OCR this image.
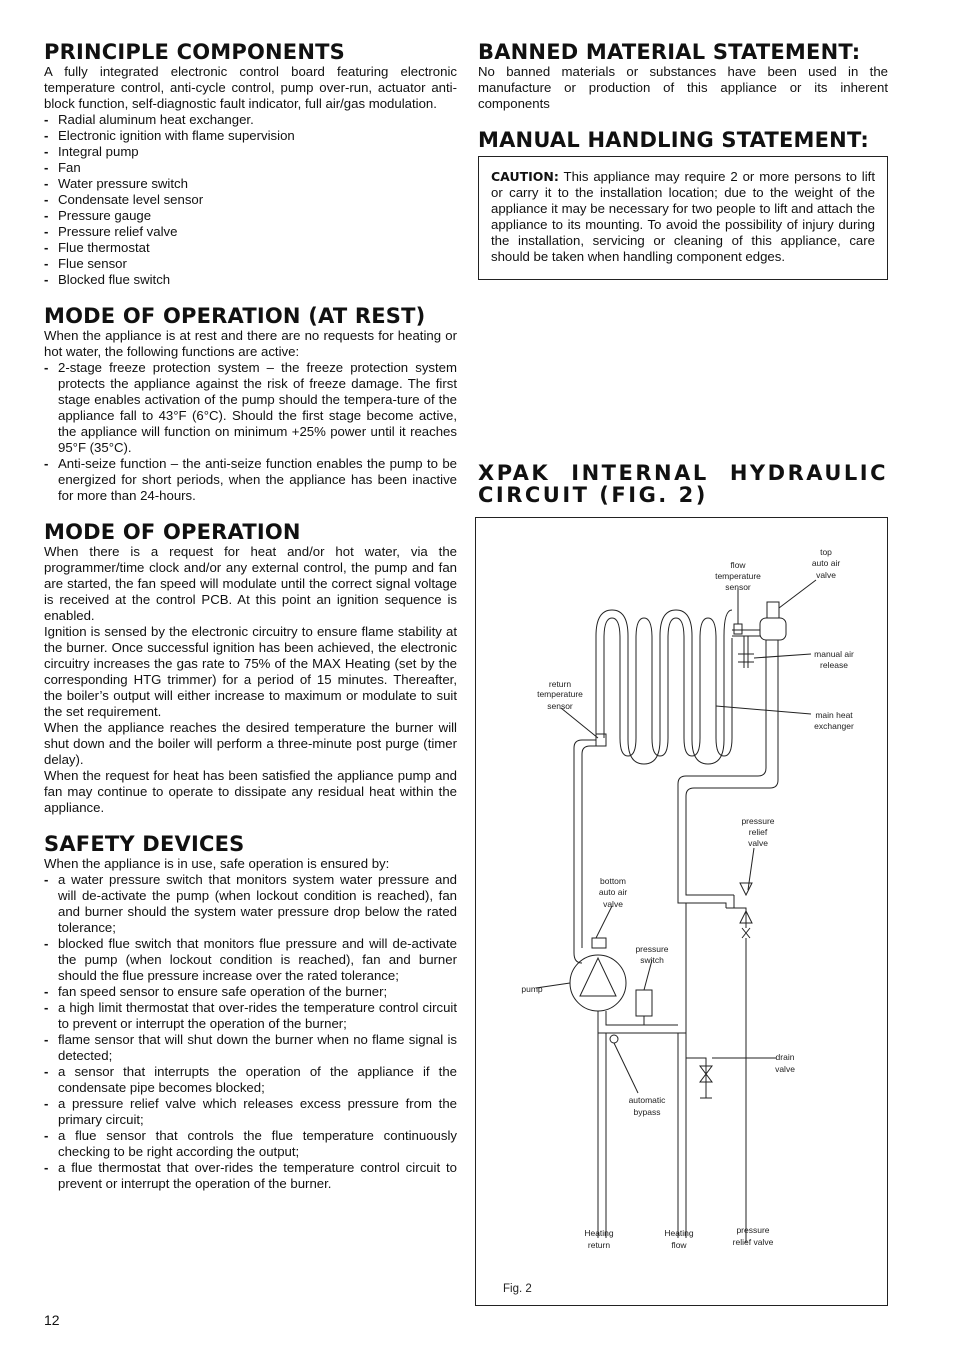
PRINCIPLE COMPONENTS

A fully integrated electronic control board featuring electronic temperature control, anti-cycle control, pump over-run, actuator anti-block function, self-diagnostic fault indicator, full air/gas modulation.

- Radial aluminum heat exchanger.
- Electronic ignition with flame supervision
- Integral pump
- Fan
- Water pressure switch
- Condensate level sensor
- Pressure gauge
- Pressure relief valve
- Flue thermostat
- Flue sensor
- Blocked flue switch
MODE OF OPERATION (AT REST)

When the appliance is at rest and there are no requests for heating or hot water, the following functions are active:

- 2-stage freeze protection system – the freeze protection system protects the appliance against the risk of freeze damage. The first stage enables activation of the pump should the tempera-ture of the appliance fall to 43°F (6°C). Should the first stage become active, the appliance will function on minimum +25% power until it reaches 95°F (35°C).
- Anti-seize function – the anti-seize function enables the pump to be energized for short periods, when the appliance has been inactive for more than 24-hours.
MODE OF OPERATION

When there is a request for heat and/or hot water, via the programmer/time clock and/or any external control, the pump and fan are started, the fan speed will modulate until the correct signal voltage is received at the control PCB. At this point an ignition sequence is enabled.

Ignition is sensed by the electronic circuitry to ensure flame stability at the burner. Once successful ignition has been achieved, the electronic circuitry increases the gas rate to 75% of the MAX Heating (set by the corresponding HTG trimmer) for a period of 15 minutes. Thereafter, the boiler’s output will either increase to maximum or modulate to suit the set requirement.

When the appliance reaches the desired temperature the burner will shut down and the boiler will perform a three-minute post purge (timer delay).

When the request for heat has been satisfied the appliance pump and fan may continue to operate to dissipate any residual heat within the appliance.

SAFETY DEVICES

When the appliance is in use, safe operation is ensured by:

- a water pressure switch that monitors system water pressure and will de-activate the pump (when lockout condition is reached), fan and burner should the system water pressure drop below the rated tolerance;
- blocked flue switch that monitors flue pressure and will de-activate the pump (when lockout condition is reached), fan and burner should the flue pressure increase over the rated tolerance;
- fan speed sensor to ensure safe operation of the burner;
- a high limit thermostat that over-rides the temperature control circuit to prevent or interrupt the operation of the burner;
- flame sensor that will shut down the burner when no flame signal is detected;
- a sensor that interrupts the operation of the appliance if the condensate pipe becomes blocked;
- a pressure relief valve which releases excess pressure from the primary circuit;
- a flue sensor that controls the flue temperature continuously checking to be right according the output;
- a flue thermostat that over-rides the temperature control circuit to prevent or interrupt the operation of the burner.
BANNED MATERIAL STATEMENT:

No banned materials or substances have been used in the manufacture or production of this appliance or its inherent components

MANUAL HANDLING STATEMENT:

CAUTION: This appliance may require 2 or more persons to lift or carry it to the installation location; due to the weight of the appliance it may be necessary for two people to lift and attach the appliance to its mounting. To avoid the possibility of injury during the installation, servicing or cleaning of this appliance, care should be taken when handling component edges.

XPAK INTERNAL HYDRAULIC
CIRCUIT (FIG. 2)
flow temperature sensor
top auto air valve
manual air release
return temperature sensor
main heat exchanger
pressure relief valve
bottom auto air valve
pressure switch
pump
drain valve
automatic bypass
Heating return
Heating flow
pressure relief valve
Fig. 2
12
